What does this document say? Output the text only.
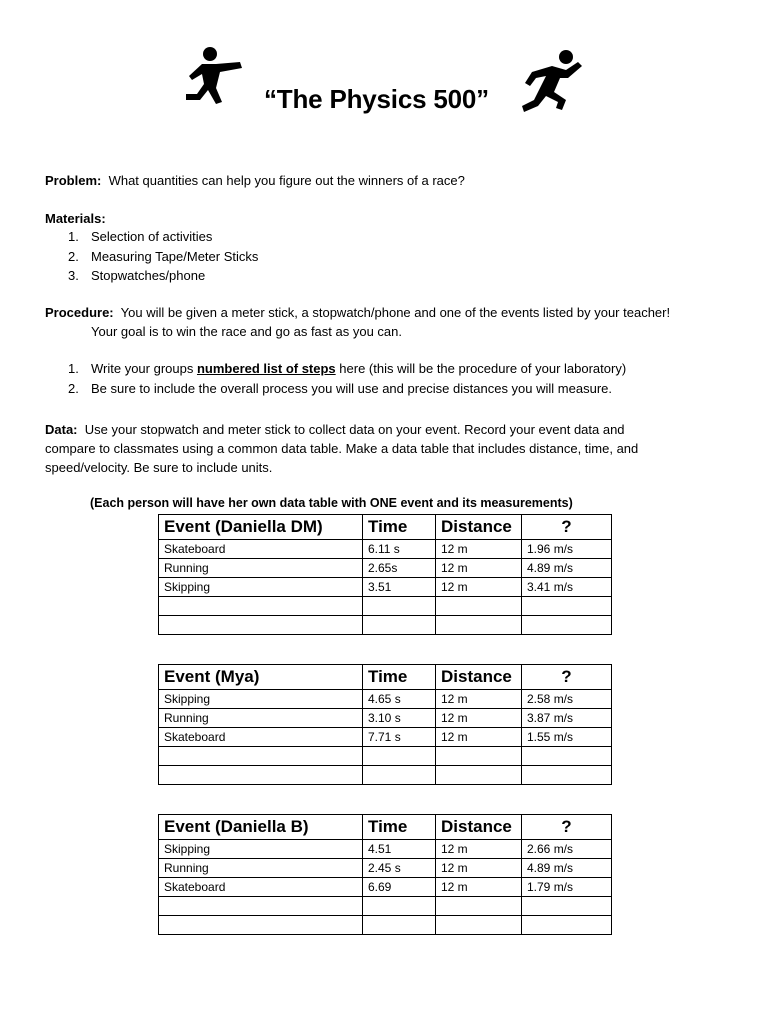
“The Physics 500”
Problem: What quantities can help you figure out the winners of a race?
Materials:
1. Selection of activities
2. Measuring Tape/Meter Sticks
3. Stopwatches/phone
Procedure: You will be given a meter stick, a stopwatch/phone and one of the events listed by your teacher!
Your goal is to win the race and go as fast as you can.
1. Write your groups numbered list of steps here (this will be the procedure of your laboratory)
2. Be sure to include the overall process you will use and precise distances you will measure.
Data: Use your stopwatch and meter stick to collect data on your event. Record your event data and
compare to classmates using a common data table. Make a data table that includes distance, time, and
speed/velocity. Be sure to include units.
(Each person will have her own data table with ONE event and its measurements)
Event (Daniella DM)	Time	Distance	?
Skateboard	6.11 s	12 m	1.96 m/s
Running	2.65s	12 m	4.89 m/s
Skipping	3.51	12 m	3.41 m/s

Event (Mya)	Time	Distance	?
Skipping	4.65 s	12 m	2.58 m/s
Running	3.10 s	12 m	3.87 m/s
Skateboard	7.71 s	12 m	1.55 m/s

Event (Daniella B)	Time	Distance	?
Skipping	4.51	12 m	2.66 m/s
Running	2.45 s	12 m	4.89 m/s
Skateboard	6.69	12 m	1.79 m/s
